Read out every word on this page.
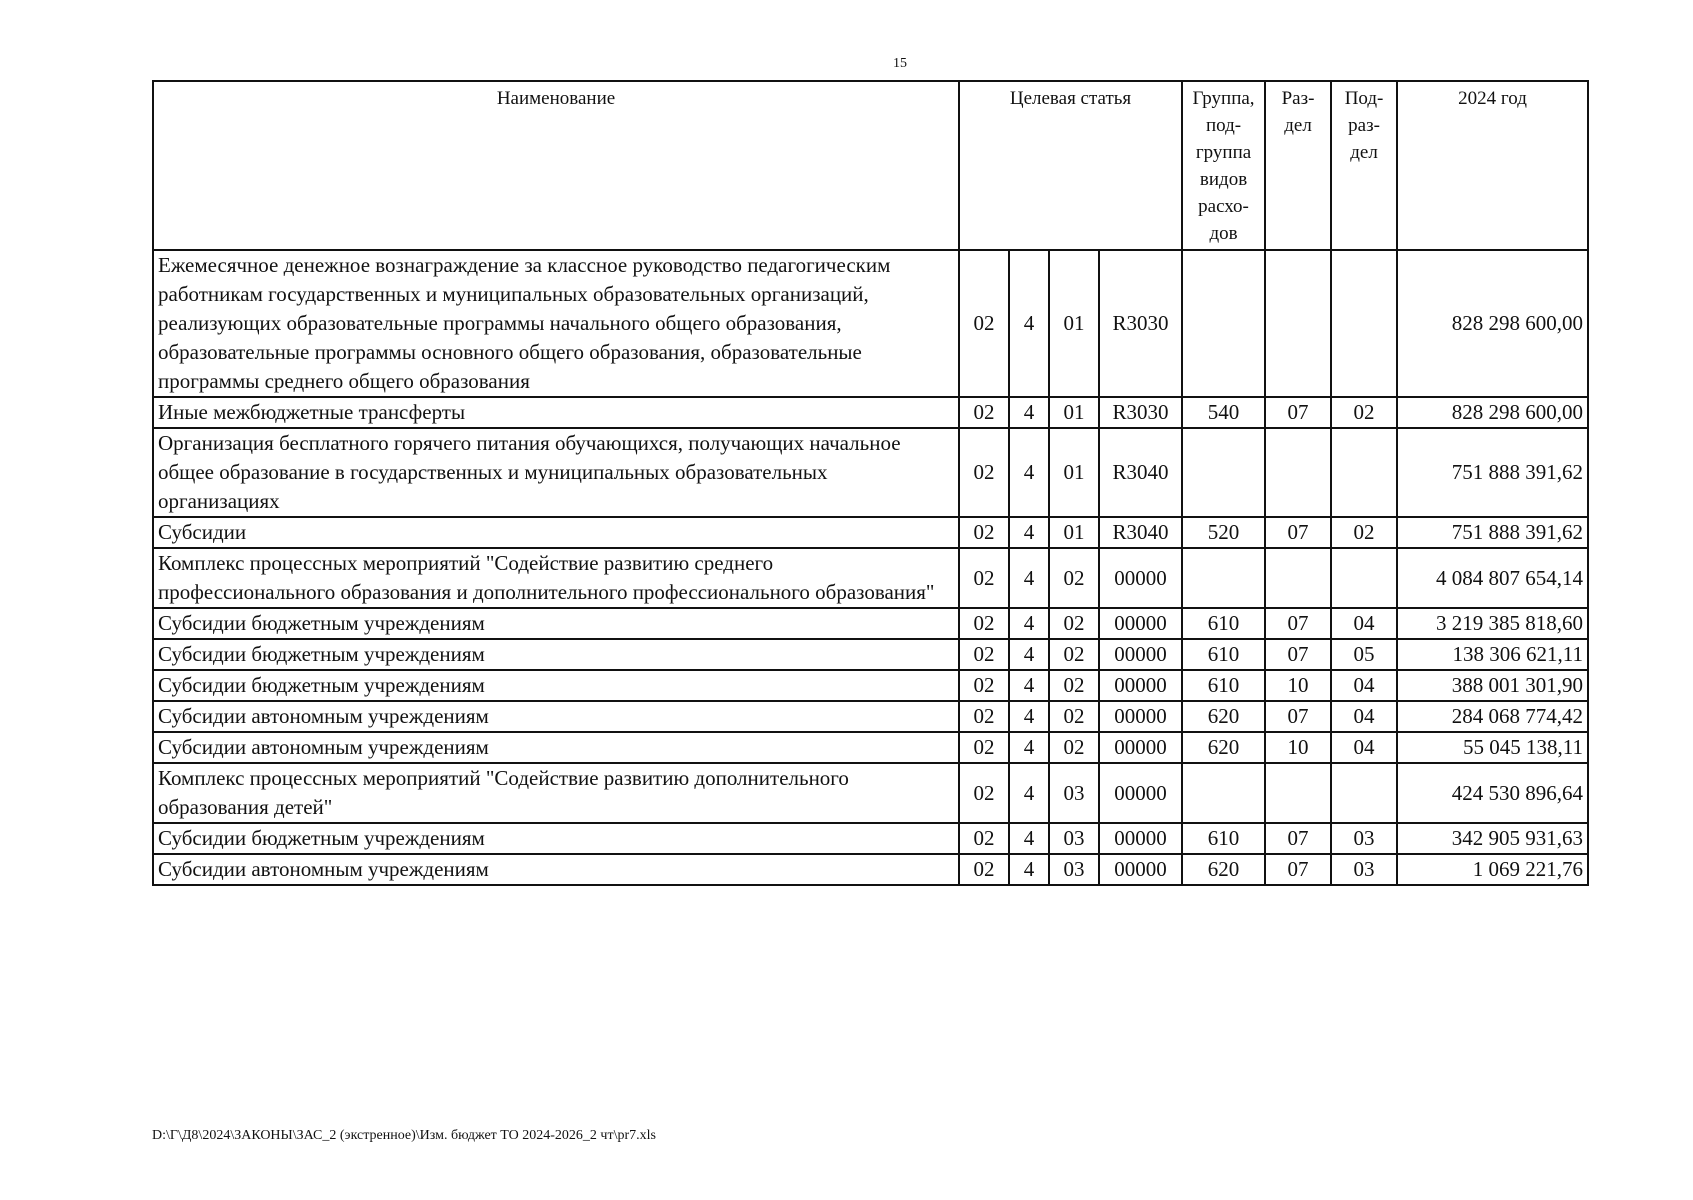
15
Наименование	Целевая статья				Группа, под-группа видов расхо-дов	Раз-дел	Под-раз-дел	2024 год
Ежемесячное денежное вознаграждение за классное руководство педагогическим работникам государственных и муниципальных образовательных организаций, реализующих образовательные программы начального общего образования, образовательные программы основного общего образования, образовательные программы среднего общего образования	02	4	01	R3030				828 298 600,00
Иные межбюджетные трансферты	02	4	01	R3030	540	07	02	828 298 600,00
Организация бесплатного горячего питания обучающихся, получающих начальное общее образование в государственных и муниципальных образовательных организациях	02	4	01	R3040				751 888 391,62
Субсидии	02	4	01	R3040	520	07	02	751 888 391,62
Комплекс процессных мероприятий "Содействие развитию среднего профессионального образования и дополнительного профессионального образования"	02	4	02	00000				4 084 807 654,14
Субсидии бюджетным учреждениям	02	4	02	00000	610	07	04	3 219 385 818,60
Субсидии бюджетным учреждениям	02	4	02	00000	610	07	05	138 306 621,11
Субсидии бюджетным учреждениям	02	4	02	00000	610	10	04	388 001 301,90
Субсидии автономным учреждениям	02	4	02	00000	620	07	04	284 068 774,42
Субсидии автономным учреждениям	02	4	02	00000	620	10	04	55 045 138,11
Комплекс процессных мероприятий "Содействие развитию дополнительного образования детей"	02	4	03	00000				424 530 896,64
Субсидии бюджетным учреждениям	02	4	03	00000	610	07	03	342 905 931,63
Субсидии автономным учреждениям	02	4	03	00000	620	07	03	1 069 221,76
D:\Г\Д8\2024\ЗАКОНЫ\ЗАС_2 (экстренное)\Изм. бюджет ТО 2024-2026_2 чт\pr7.xls
